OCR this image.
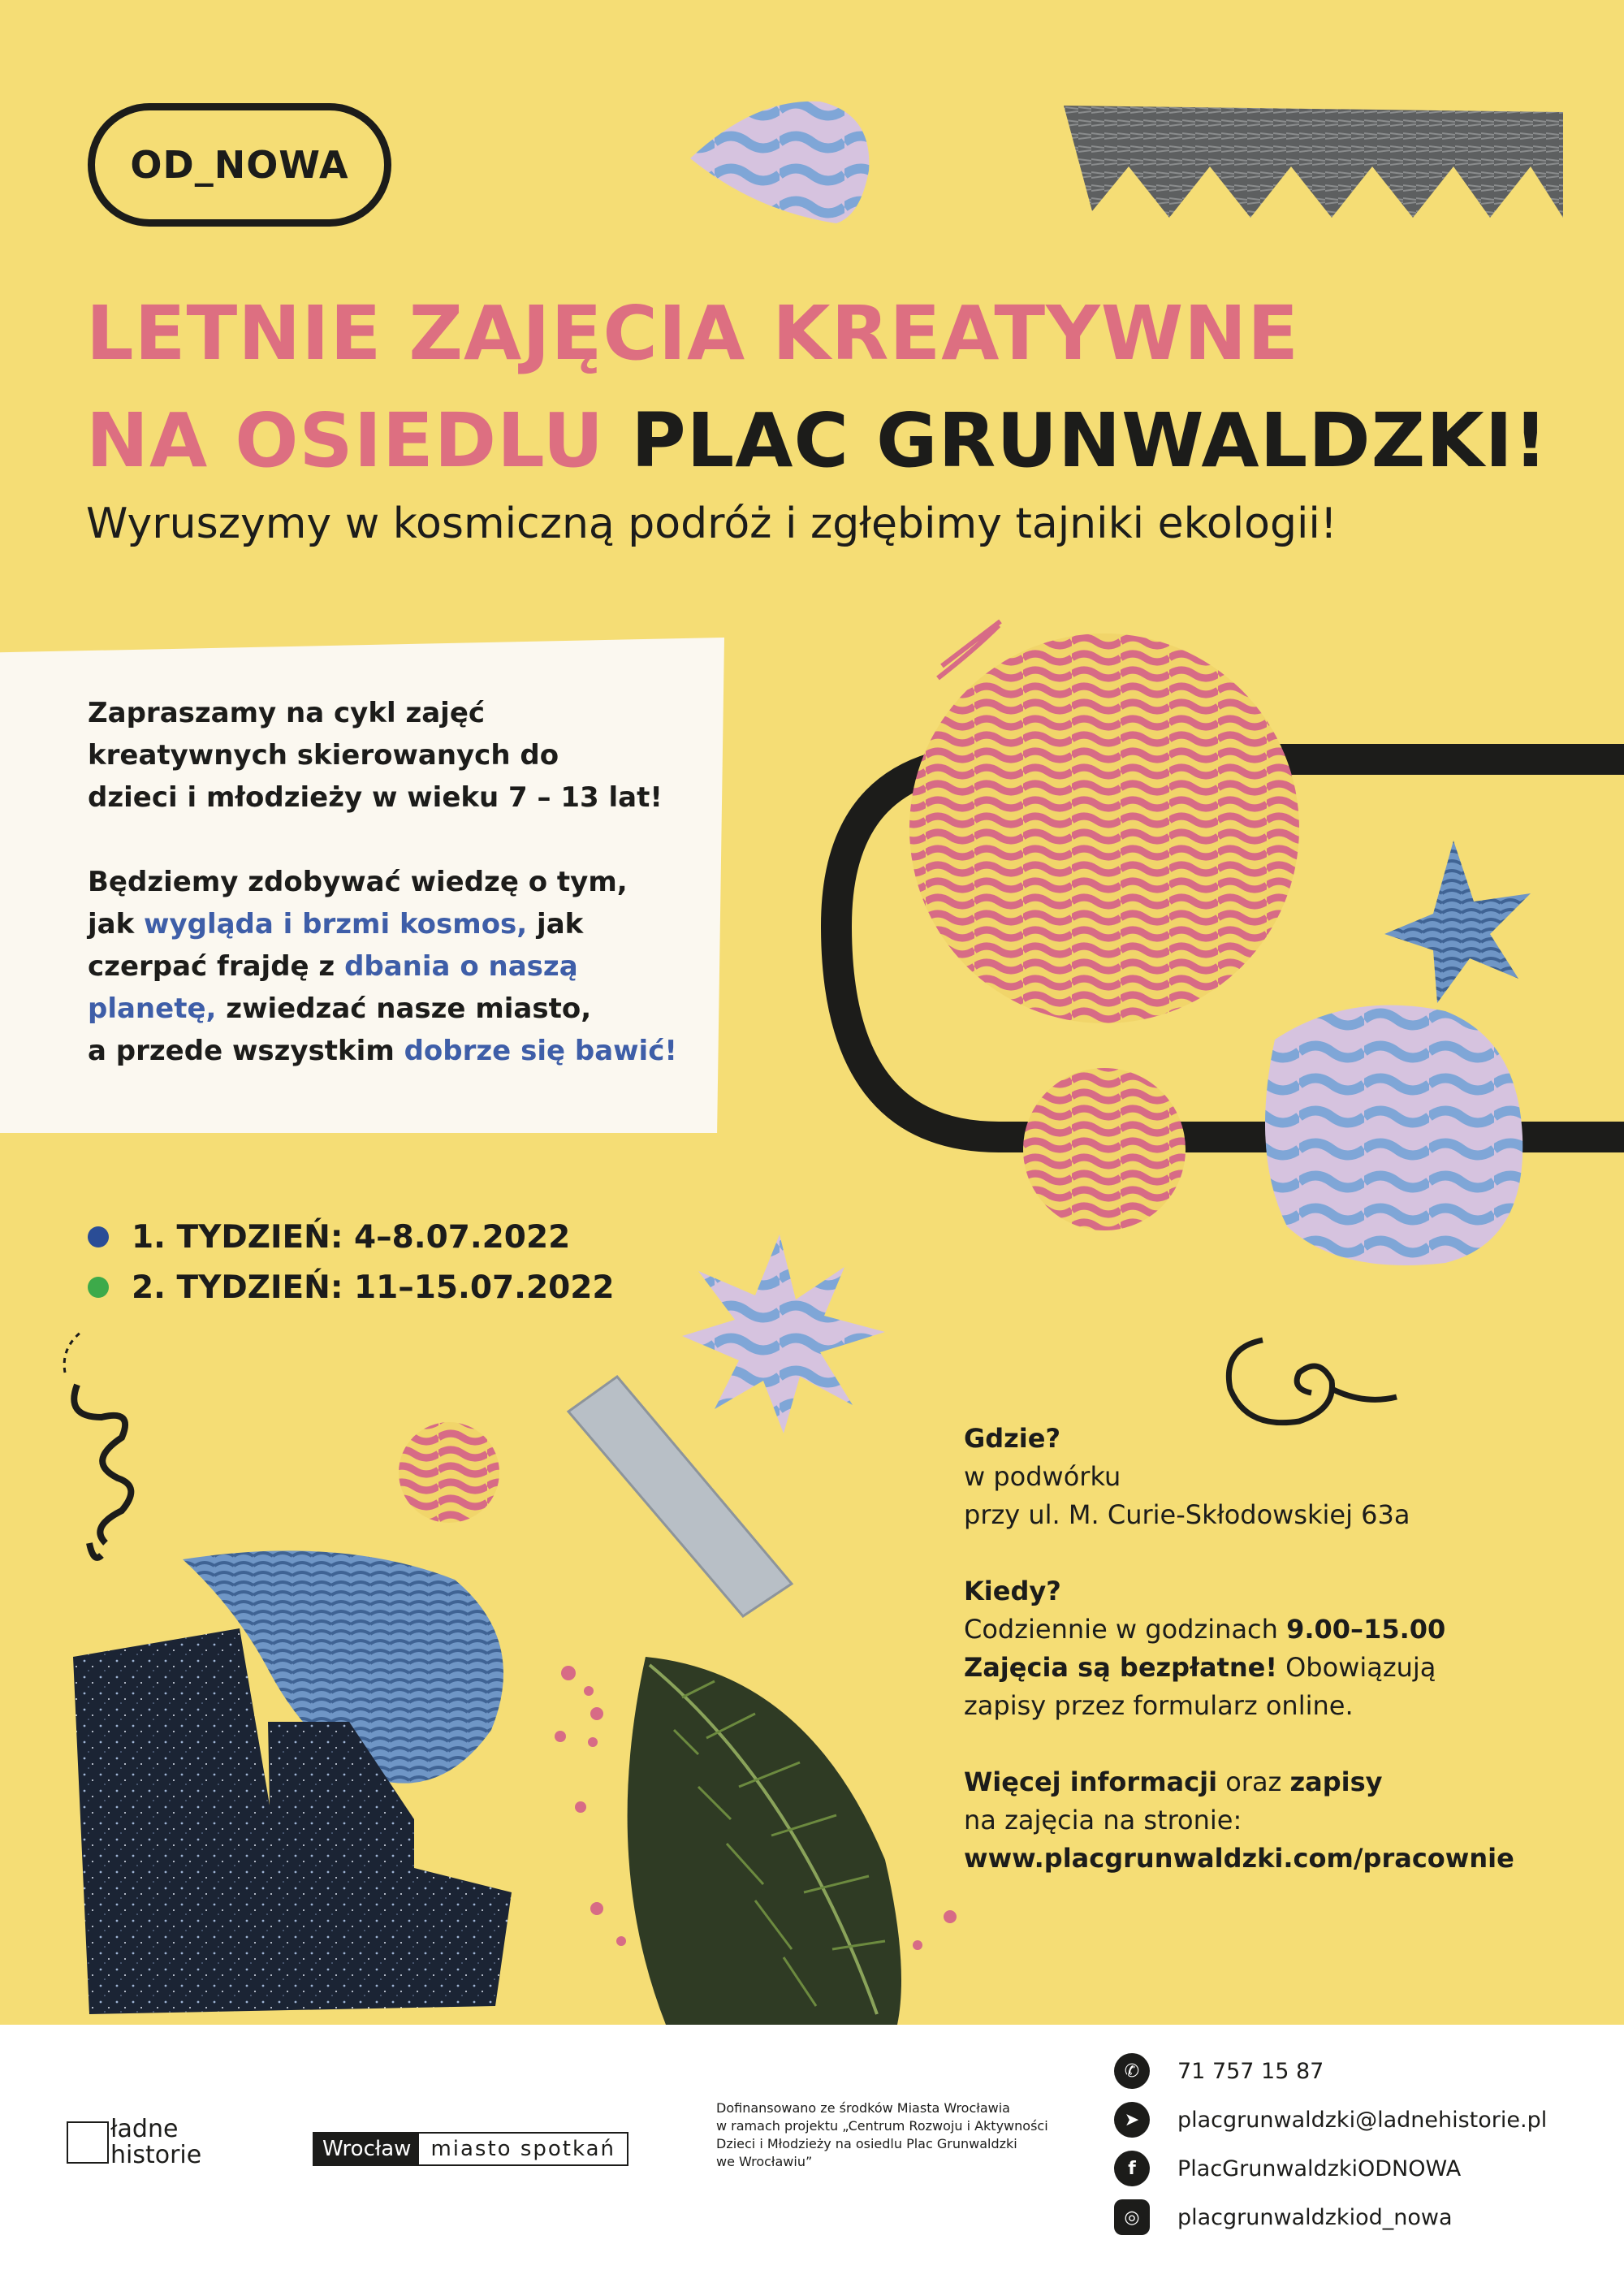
OD_NOWA
LETNIE ZAJĘCIA KREATYWNE
NA OSIEDLU PLAC GRUNWALDZKI!
Wyruszymy w kosmiczną podróż i zgłębimy tajniki ekologii!

Zapraszamy na cykl zajęć
kreatywnych skierowanych do
dzieci i młodzieży w wieku 7 – 13 lat!

Będziemy zdobywać wiedzę o tym,
jak wygląda i brzmi kosmos, jak
czerpać frajdę z dbania o naszą
planetę, zwiedzać nasze miasto,
a przede wszystkim dobrze się bawić!

1. TYDZIEŃ: 4–8.07.2022
2. TYDZIEŃ: 11–15.07.2022

Gdzie?
w podwórku
przy ul. M. Curie-Skłodowskiej 63a

Kiedy?
Codziennie w godzinach 9.00–15.00
Zajęcia są bezpłatne! Obowiązują
zapisy przez formularz online.

Więcej informacji oraz zapisy
na zajęcia na stronie:
www.placgrunwaldzki.com/pracownie

ładne
historie	Wrocław miasto spotkań
Dofinansowano ze środków Miasta Wrocławia
w ramach projektu „Centrum Rozwoju i Aktywności
Dzieci i Młodzieży na osiedlu Plac Grunwaldzki
we Wrocławiu”
✆	71 757 15 87
➤	placgrunwaldzki@ladnehistorie.pl
f	PlacGrunwaldzkiODNOWA
◎	placgrunwaldzkiod_nowa
